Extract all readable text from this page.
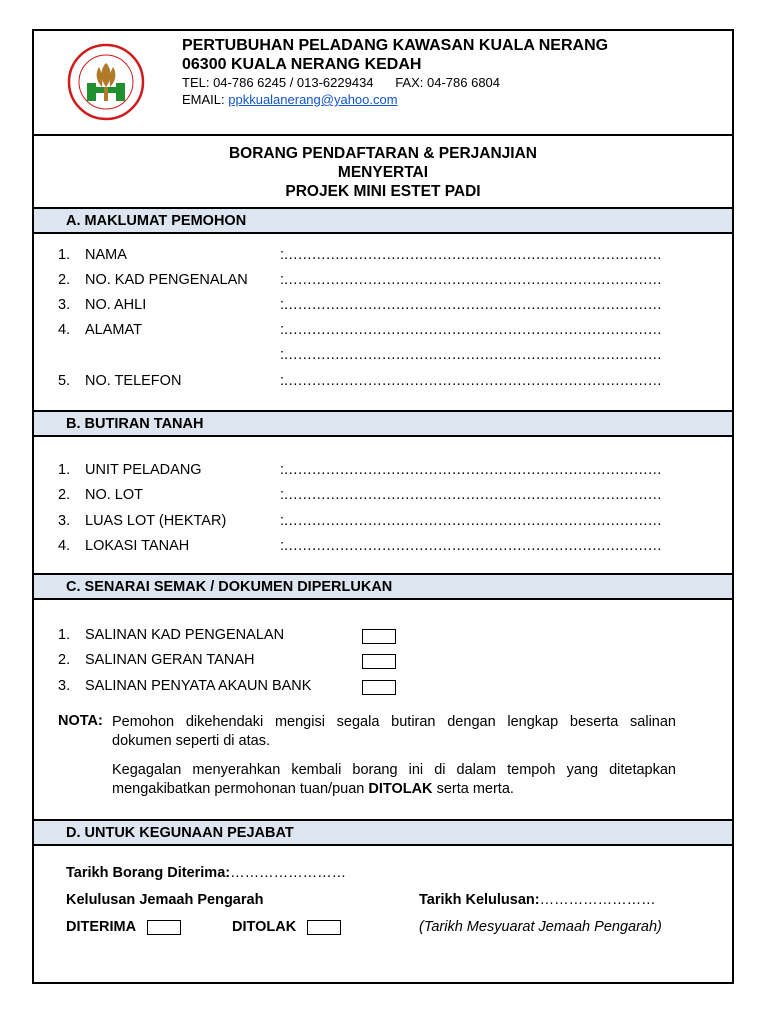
PERTUBUHAN PELADANG KAWASAN KUALA NERANG
06300 KUALA NERANG KEDAH
TEL: 04-786 6245 / 013-6229434      FAX: 04-786 6804
EMAIL: ppkkualanerang@yahoo.com
BORANG PENDAFTARAN & PERJANJIAN
MENYERTAI
PROJEK MINI ESTET PADI
A. MAKLUMAT PEMOHON
1. NAMA	:………………………………………………………………………
2. NO. KAD PENGENALAN :………………………………………………………………………
3. NO. AHLI	:………………………………………………………………………
4. ALAMAT	:………………………………………………………………………
:………………………………………………………………………
5. NO. TELEFON	:………………………………………………………………………
B. BUTIRAN TANAH
1. UNIT PELADANG	:………………………………………………………………………
2. NO. LOT	:………………………………………………………………………
3. LUAS LOT (HEKTAR)	:………………………………………………………………………
4. LOKASI TANAH	:………………………………………………………………………
C. SENARAI SEMAK / DOKUMEN DIPERLUKAN
1. SALINAN KAD PENGENALAN
2. SALINAN GERAN TANAH
3. SALINAN PENYATA AKAUN BANK
NOTA: Pemohon dikehendaki mengisi segala butiran dengan lengkap beserta salinan dokumen seperti di atas.
Kegagalan menyerahkan kembali borang ini di dalam tempoh yang ditetapkan mengakibatkan permohonan tuan/puan DITOLAK serta merta.
D. UNTUK KEGUNAAN PEJABAT
Tarikh Borang Diterima:……………………
Kelulusan Jemaah Pengarah	Tarikh Kelulusan:……………………
DITERIMA	DITOLAK	(Tarikh Mesyuarat Jemaah Pengarah)
